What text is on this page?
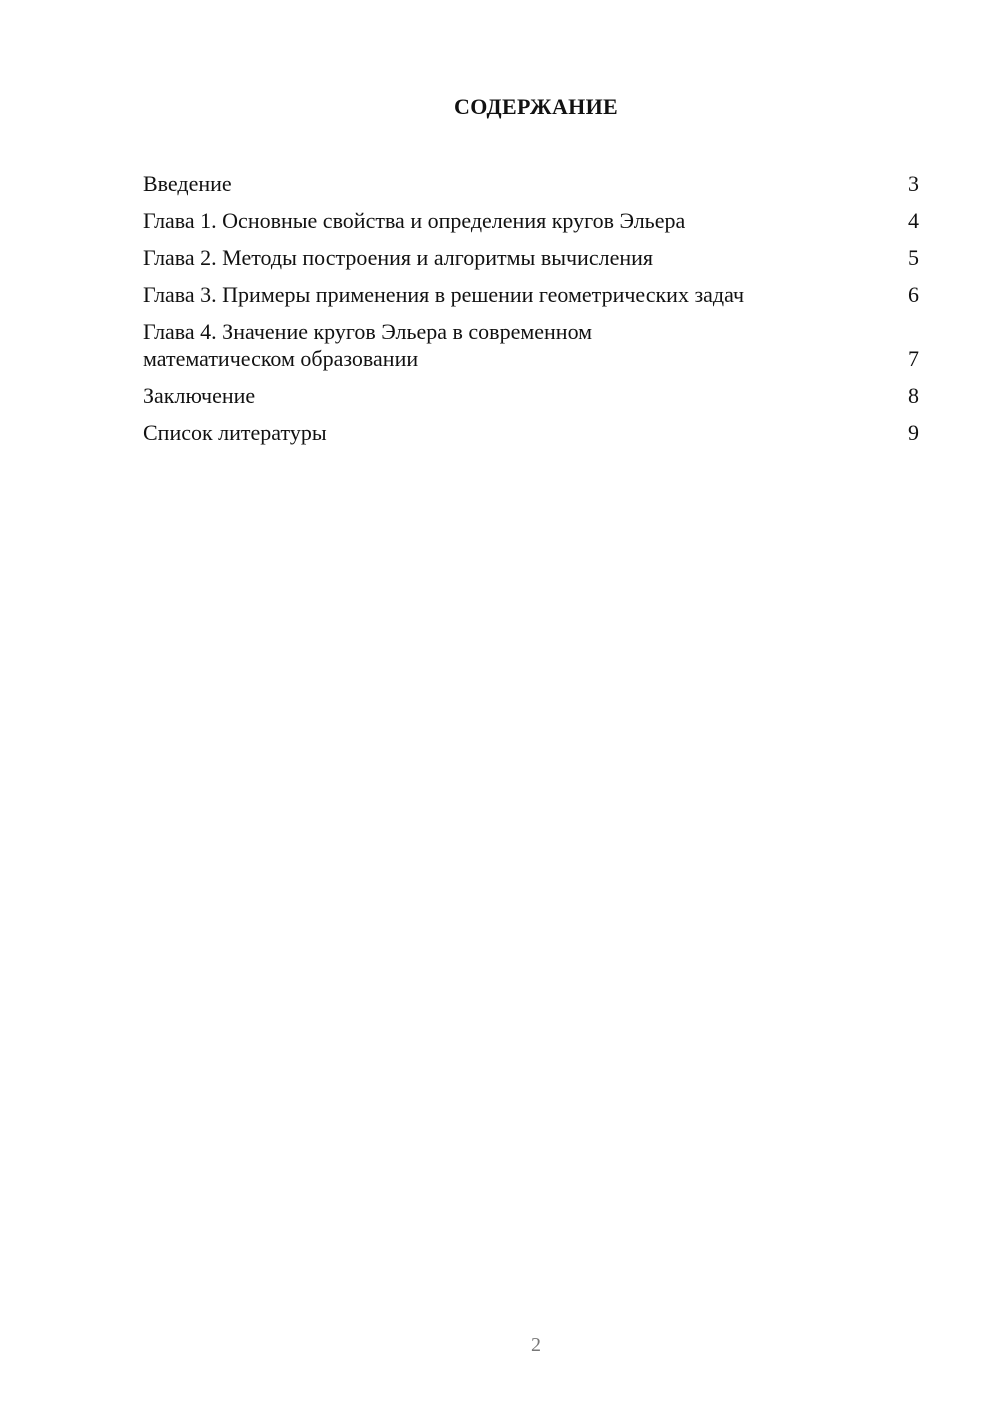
СОДЕРЖАНИЕ
Введение	3
Глава 1. Основные свойства и определения кругов Эльера	4
Глава 2. Методы построения и алгоритмы вычисления	5
Глава 3. Примеры применения в решении геометрических задач	6
Глава 4. Значение кругов Эльера в современном математическом образовании	7
Заключение	8
Список литературы	9
2
